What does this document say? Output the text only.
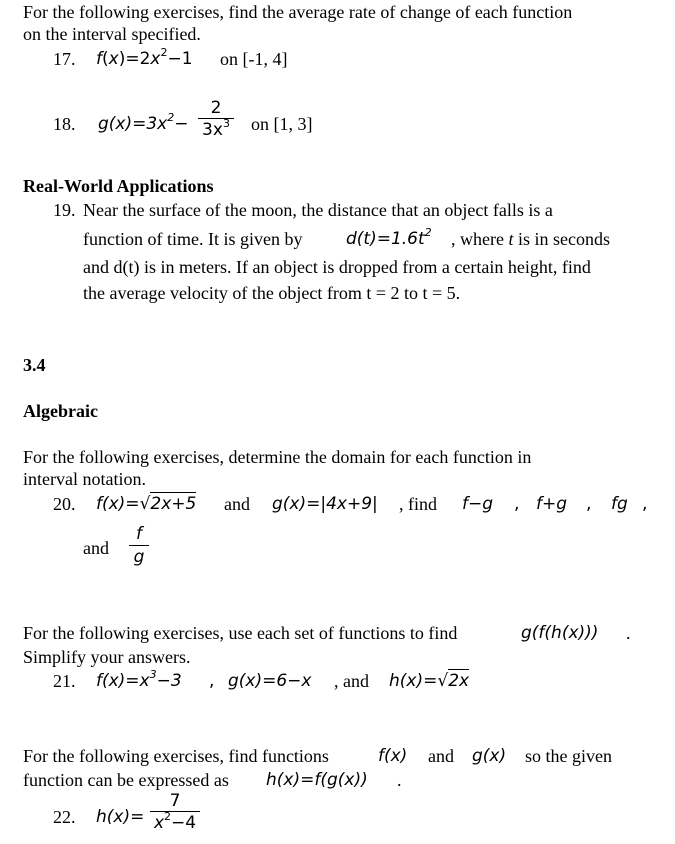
For the following exercises, find the average rate of change of each function
on the interval specified.
17. $f(x)=2x^2-1$ on [-1, 4]
18. $g(x)=3x^2- \frac{2}{3x^3}$ on [1, 3]
Real-World Applications
19. Near the surface of the moon, the distance that an object falls is a
function of time. It is given by	$d(t)=1.6t^2$ , where t is in seconds
and d(t) is in meters. If an object is dropped from a certain height, find
the average velocity of the object from t = 2 to t = 5.
3.4
Algebraic
For the following exercises, determine the domain for each function in
interval notation.
20. f(x)=√2x+5 and g(x)=|4x+9| , find f−g , f+g , fg ,
and $\frac{f}{g}$
For the following exercises, use each set of functions to find	g(f(h(x))) .
Simplify your answers.
21. $f(x)=x^3-3$ , g(x)=6−x , and h(x)=√2x
For the following exercises, find functions	f(x) and g(x) so the given
function can be expressed as h(x)=f(g(x)) .
22. $h(x)= \frac{7}{x^2-4}$
